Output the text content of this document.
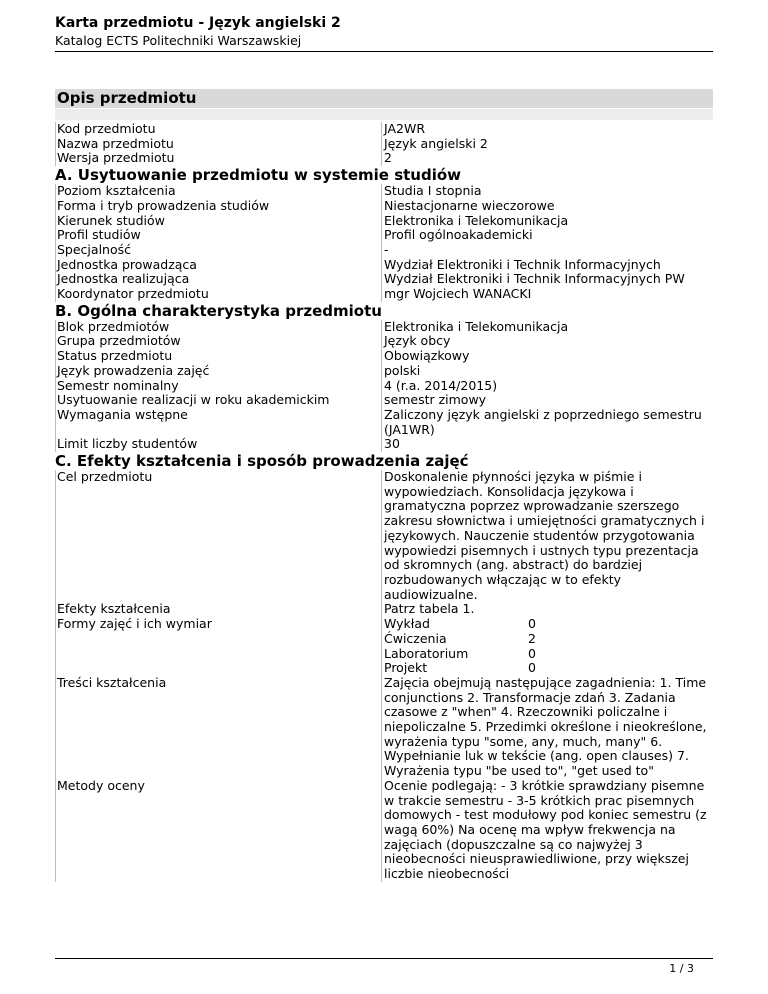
Karta przedmiotu - Język angielski 2
Katalog ECTS Politechniki Warszawskiej
Opis przedmiotu
Kod przedmiotu	JA2WR
Nazwa przedmiotu	Język angielski 2
Wersja przedmiotu	2
A. Usytuowanie przedmiotu w systemie studiów
Poziom kształcenia	Studia I stopnia
Forma i tryb prowadzenia studiów	Niestacjonarne wieczorowe
Kierunek studiów	Elektronika i Telekomunikacja
Profil studiów	Profil ogólnoakademicki
Specjalność	-
Jednostka prowadząca	Wydział Elektroniki i Technik Informacyjnych
Jednostka realizująca	Wydział Elektroniki i Technik Informacyjnych PW
Koordynator przedmiotu	mgr Wojciech WANACKI
B. Ogólna charakterystyka przedmiotu
Blok przedmiotów	Elektronika i Telekomunikacja
Grupa przedmiotów	Język obcy
Status przedmiotu	Obowiązkowy
Język prowadzenia zajęć	polski
Semestr nominalny	4 (r.a. 2014/2015)
Usytuowanie realizacji w roku akademickim	semestr zimowy
Wymagania wstępne	Zaliczony język angielski z poprzedniego semestru (JA1WR)
Limit liczby studentów	30
C. Efekty kształcenia i sposób prowadzenia zajęć
Cel przedmiotu	Doskonalenie płynności języka w piśmie i wypowiedziach. Konsolidacja językowa i gramatyczna poprzez wprowadzanie szerszego zakresu słownictwa i umiejętności gramatycznych i językowych. Nauczenie studentów przygotowania wypowiedzi pisemnych i ustnych typu prezentacja od skromnych (ang. abstract) do bardziej rozbudowanych włączając w to efekty audiowizualne.
Efekty kształcenia	Patrz tabela 1.
Formy zajęć i ich wymiar	Wykład	0
Ćwiczenia	2
Laboratorium	0
Projekt	0
Treści kształcenia	Zajęcia obejmują następujące zagadnienia: 1. Time conjunctions 2. Transformacje zdań 3. Zadania czasowe z "when" 4. Rzeczowniki policzalne i niepoliczalne 5. Przedimki określone i nieokreślone, wyrażenia typu "some, any, much, many" 6. Wypełnianie luk w tekście (ang. open clauses) 7. Wyrażenia typu "be used to", "get used to"
Metody oceny	Ocenie podlegają: - 3 krótkie sprawdziany pisemne w trakcie semestru - 3-5 krótkich prac pisemnych domowych - test modułowy pod koniec semestru (z wagą 60%) Na ocenę ma wpływ frekwencja na zajęciach (dopuszczalne są co najwyżej 3 nieobecności nieusprawiedliwione, przy większej liczbie nieobecności
1 / 3
